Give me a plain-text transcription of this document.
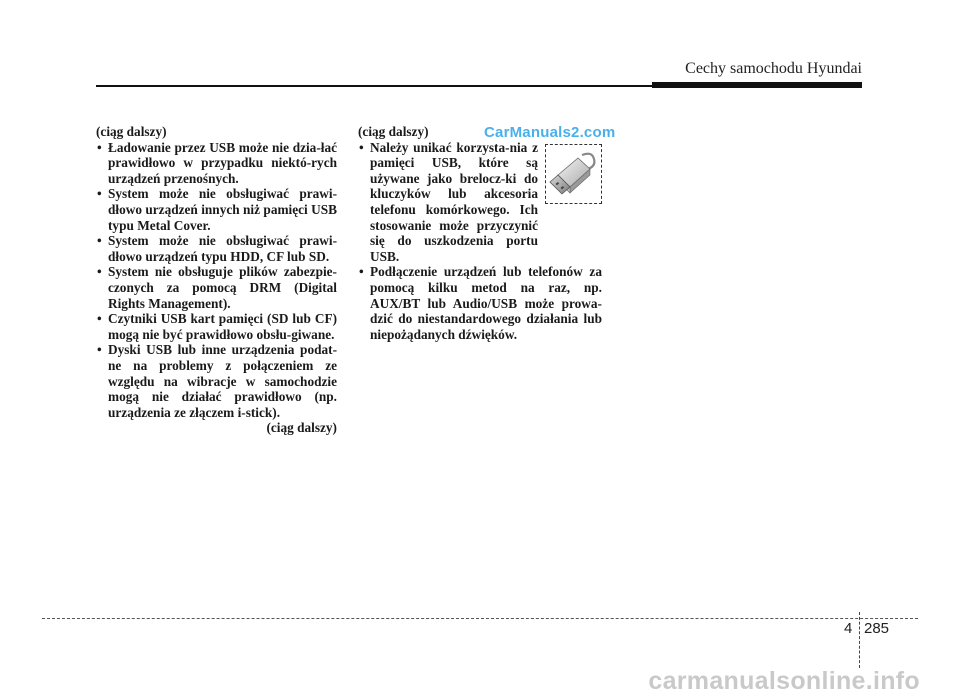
Cechy samochodu Hyundai

(ciąg dalszy)

• Ładowanie przez USB może nie dzia-łać prawidłowo w przypadku niektó-rych urządzeń przenośnych.
• System może nie obsługiwać prawi-dłowo urządzeń innych niż pamięci USB typu Metal Cover.
• System może nie obsługiwać prawi-dłowo urządzeń typu HDD, CF lub SD.
• System nie obsługuje plików zabezpie-czonych za pomocą DRM (Digital Rights Management).
• Czytniki USB kart pamięci (SD lub CF) mogą nie być prawidłowo obsłu-giwane.
• Dyski USB lub inne urządzenia podat-ne na problemy z połączeniem ze względu na wibracje w samochodzie mogą nie działać prawidłowo (np. urządzenia ze złączem i-stick).

(ciąg dalszy)

(ciąg dalszy)

• Należy unikać korzysta-nia z pamięci USB, które są używane jako brelocz-ki do kluczyków lub akcesoria telefonu komórkowego. Ich stosowanie może przyczynić się do uszkodzenia portu USB.
• Podłączenie urządzeń lub telefonów za pomocą kilku metod na raz, np. AUX/BT lub Audio/USB może prowa-dzić do niestandardowego działania lub niepożądanych dźwięków.
CarManuals2.com
4 285
carmanualsonline.info
